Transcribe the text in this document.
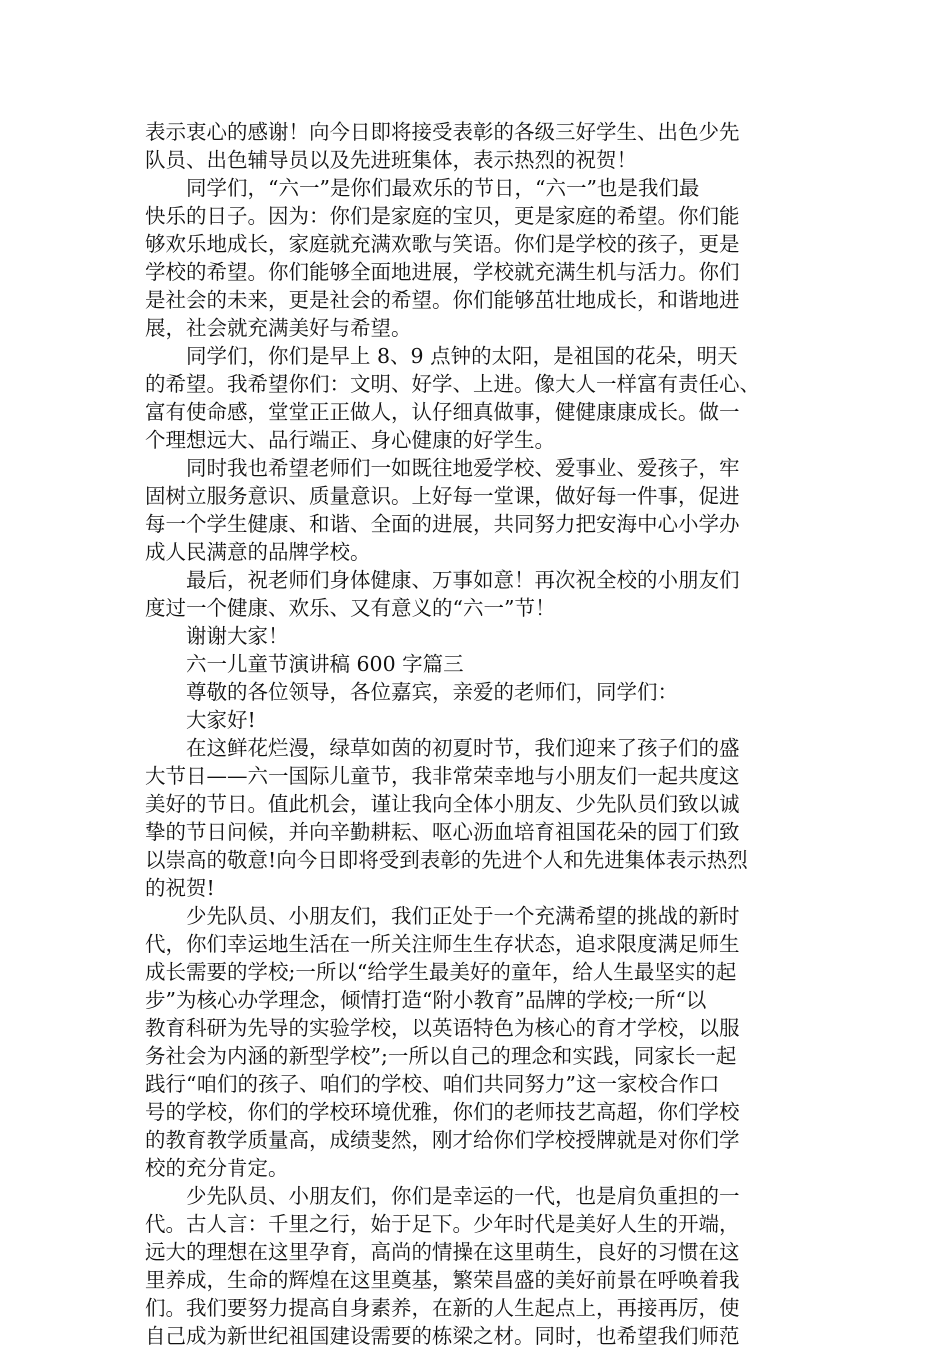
表示衷心的感谢！向今日即将接受表彰的各级三好学生、出色少先
队员、出色辅导员以及先进班集体，表示热烈的祝贺！
　　同学们，“六一”是你们最欢乐的节日，“六一”也是我们最
快乐的日子。因为：你们是家庭的宝贝，更是家庭的希望。你们能
够欢乐地成长，家庭就充满欢歌与笑语。你们是学校的孩子，更是
学校的希望。你们能够全面地进展，学校就充满生机与活力。你们
是社会的未来，更是社会的希望。你们能够茁壮地成长，和谐地进
展，社会就充满美好与希望。
　　同学们，你们是早上 8、9 点钟的太阳，是祖国的花朵，明天
的希望。我希望你们：文明、好学、上进。像大人一样富有责任心、
富有使命感，堂堂正正做人，认仔细真做事，健健康康成长。做一
个理想远大、品行端正、身心健康的好学生。
　　同时我也希望老师们一如既往地爱学校、爱事业、爱孩子，牢
固树立服务意识、质量意识。上好每一堂课，做好每一件事，促进
每一个学生健康、和谐、全面的进展，共同努力把安海中心小学办
成人民满意的品牌学校。
　　最后，祝老师们身体健康、万事如意！再次祝全校的小朋友们
度过一个健康、欢乐、又有意义的“六一”节！
　　谢谢大家！
　　六一儿童节演讲稿 600 字篇三
　　尊敬的各位领导，各位嘉宾，亲爱的老师们，同学们：
　　大家好!
　　在这鲜花烂漫，绿草如茵的初夏时节，我们迎来了孩子们的盛
大节日——六一国际儿童节，我非常荣幸地与小朋友们一起共度这
美好的节日。值此机会，谨让我向全体小朋友、少先队员们致以诚
挚的节日问候，并向辛勤耕耘、呕心沥血培育祖国花朵的园丁们致
以崇高的敬意!向今日即将受到表彰的先进个人和先进集体表示热烈
的祝贺!
　　少先队员、小朋友们，我们正处于一个充满希望的挑战的新时
代，你们幸运地生活在一所关注师生生存状态，追求限度满足师生
成长需要的学校;一所以“给学生最美好的童年，给人生最坚实的起
步”为核心办学理念，倾情打造“附小教育”品牌的学校;一所“以
教育科研为先导的实验学校，以英语特色为核心的育才学校，以服
务社会为内涵的新型学校”;一所以自己的理念和实践，同家长一起
践行“咱们的孩子、咱们的学校、咱们共同努力”这一家校合作口
号的学校，你们的学校环境优雅，你们的老师技艺高超，你们学校
的教育教学质量高，成绩斐然，刚才给你们学校授牌就是对你们学
校的充分肯定。
　　少先队员、小朋友们，你们是幸运的一代，也是肩负重担的一
代。古人言：千里之行，始于足下。少年时代是美好人生的开端，
远大的理想在这里孕育，高尚的情操在这里萌生，良好的习惯在这
里养成，生命的辉煌在这里奠基，繁荣昌盛的美好前景在呼唤着我
们。我们要努力提高自身素养，在新的人生起点上，再接再厉，使
自己成为新世纪祖国建设需要的栋梁之材。同时，也希望我们师范
